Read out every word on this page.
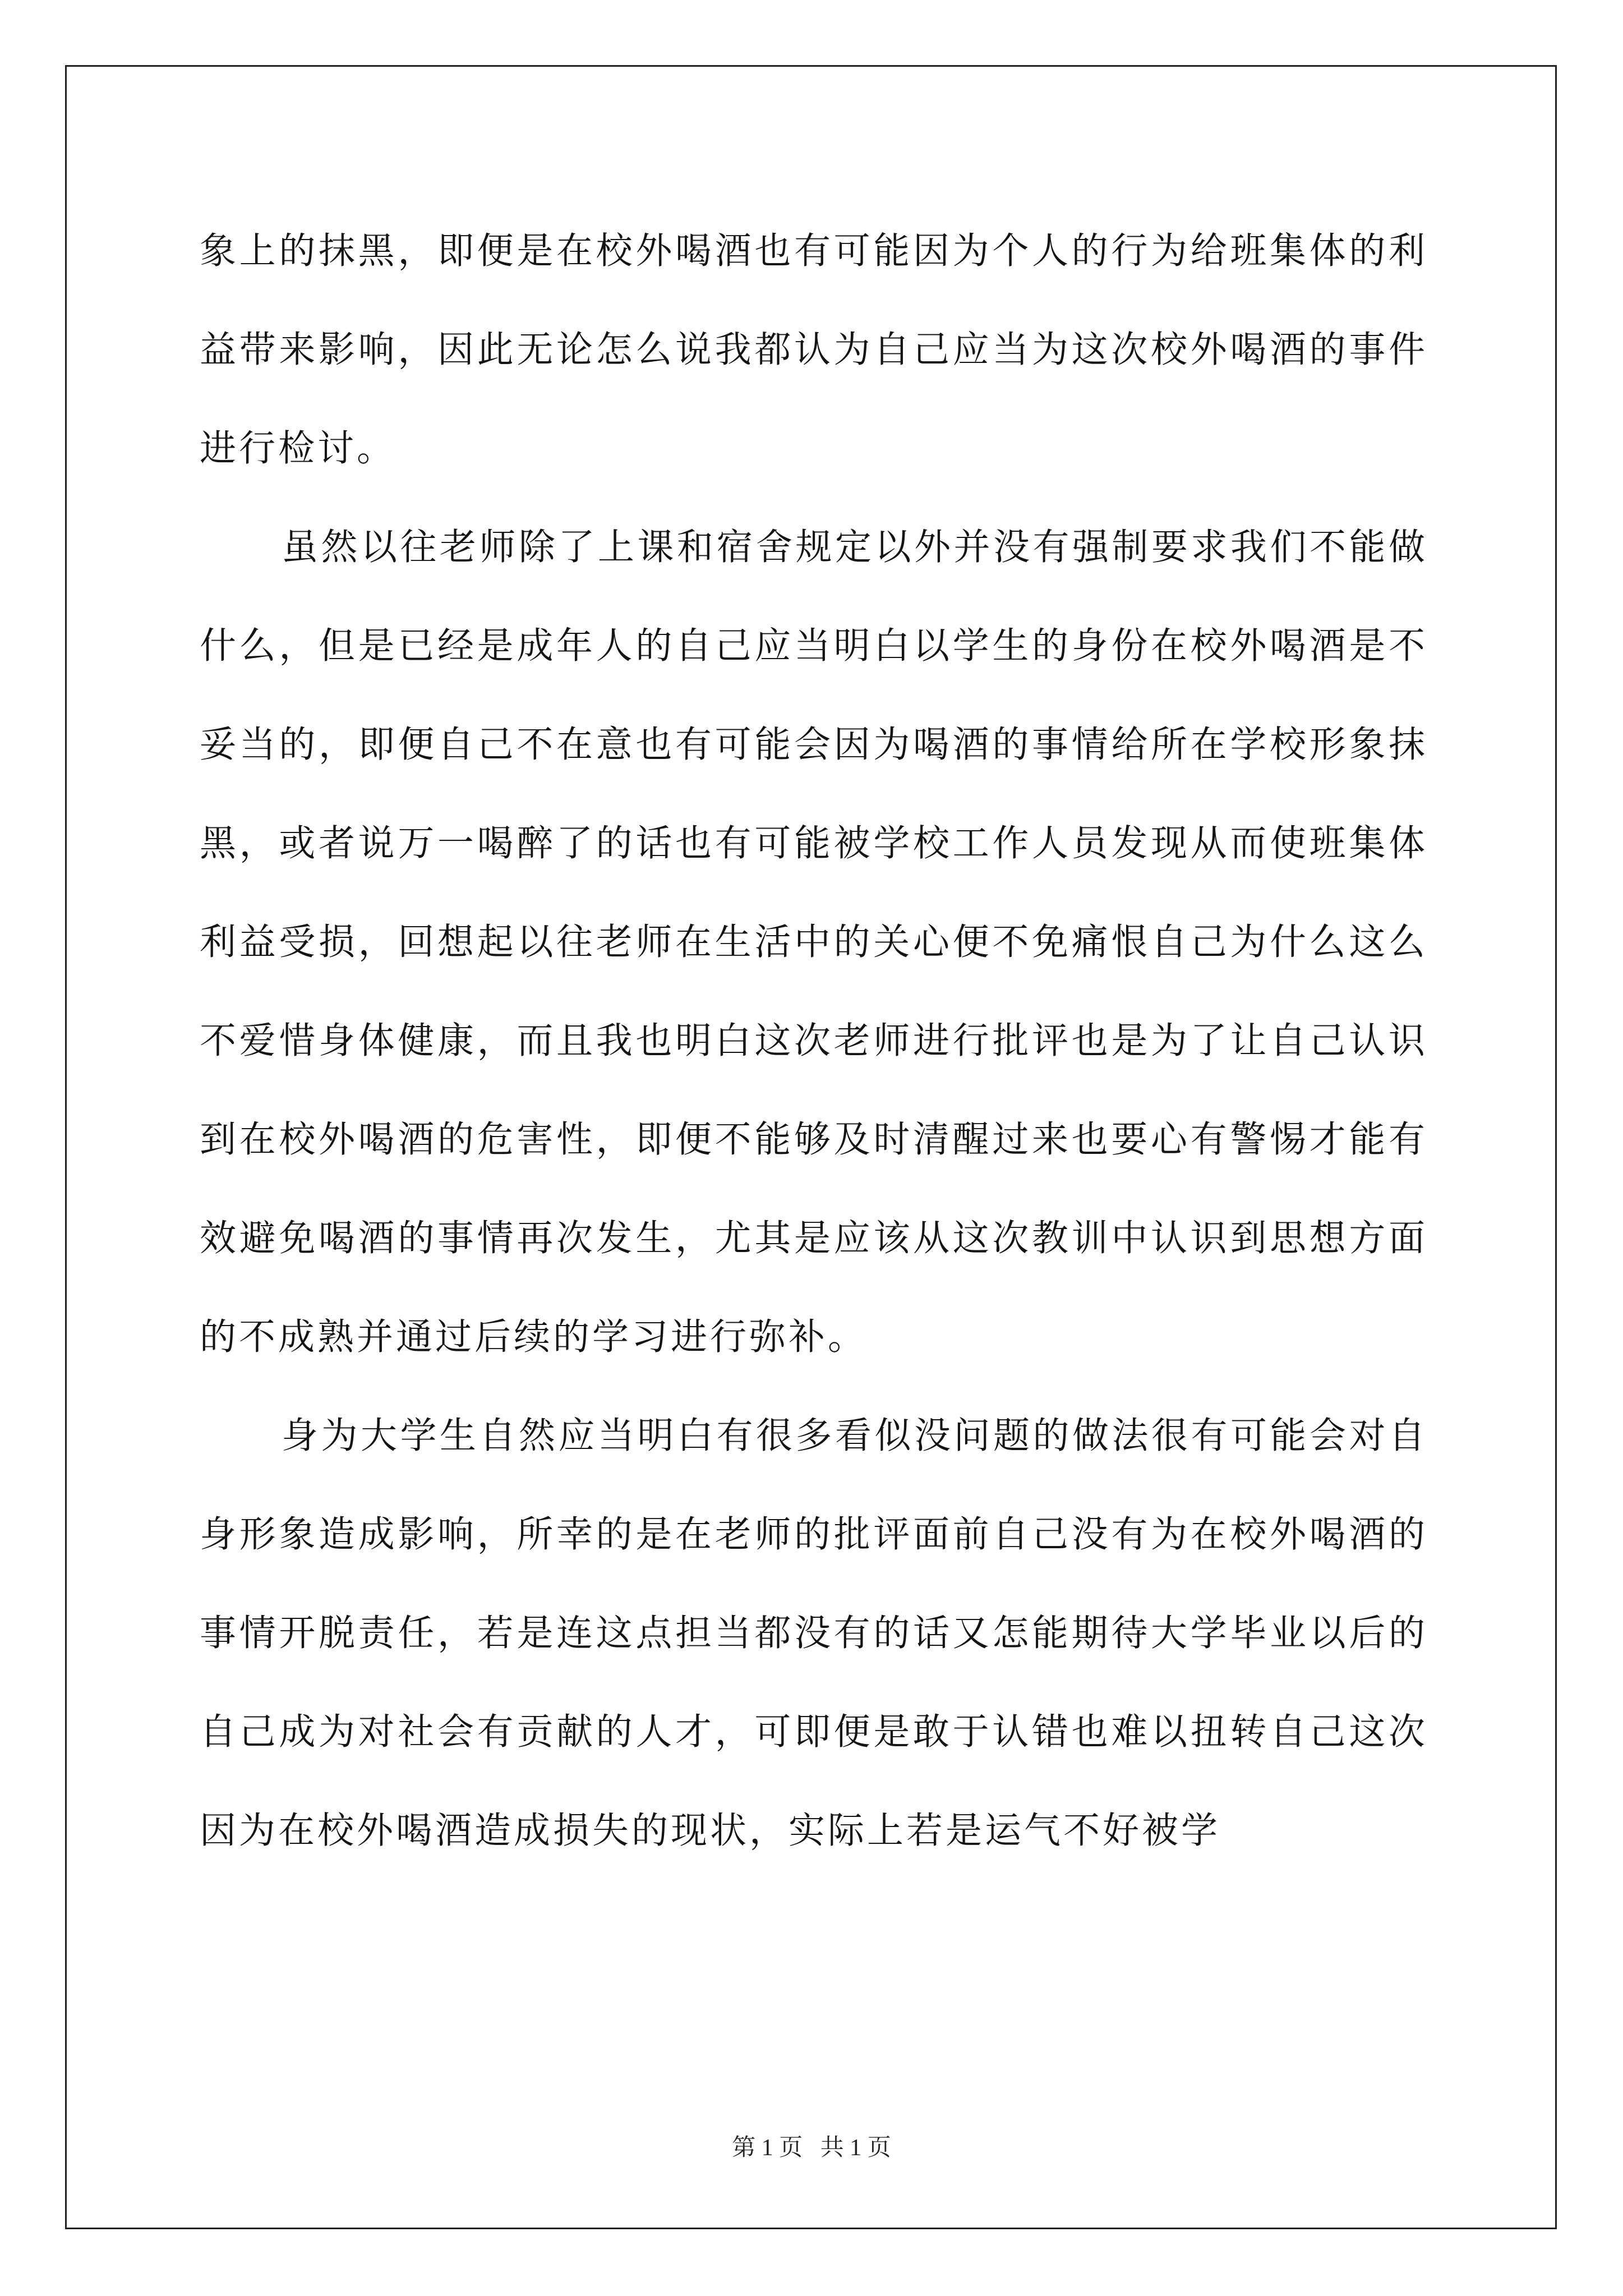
象上的抹黑，即便是在校外喝酒也有可能因为个人的行为给班集体的利益带来影响，因此无论怎么说我都认为自己应当为这次校外喝酒的事件进行检讨。

虽然以往老师除了上课和宿舍规定以外并没有强制要求我们不能做什么，但是已经是成年人的自己应当明白以学生的身份在校外喝酒是不妥当的，即便自己不在意也有可能会因为喝酒的事情给所在学校形象抹黑，或者说万一喝醉了的话也有可能被学校工作人员发现从而使班集体利益受损，回想起以往老师在生活中的关心便不免痛恨自己为什么这么不爱惜身体健康，而且我也明白这次老师进行批评也是为了让自己认识到在校外喝酒的危害性，即便不能够及时清醒过来也要心有警惕才能有效避免喝酒的事情再次发生，尤其是应该从这次教训中认识到思想方面的不成熟并通过后续的学习进行弥补。

身为大学生自然应当明白有很多看似没问题的做法很有可能会对自身形象造成影响，所幸的是在老师的批评面前自己没有为在校外喝酒的事情开脱责任，若是连这点担当都没有的话又怎能期待大学毕业以后的自己成为对社会有贡献的人才，可即便是敢于认错也难以扭转自己这次因为在校外喝酒造成损失的现状，实际上若是运气不好被学

第 1 页   共 1 页
